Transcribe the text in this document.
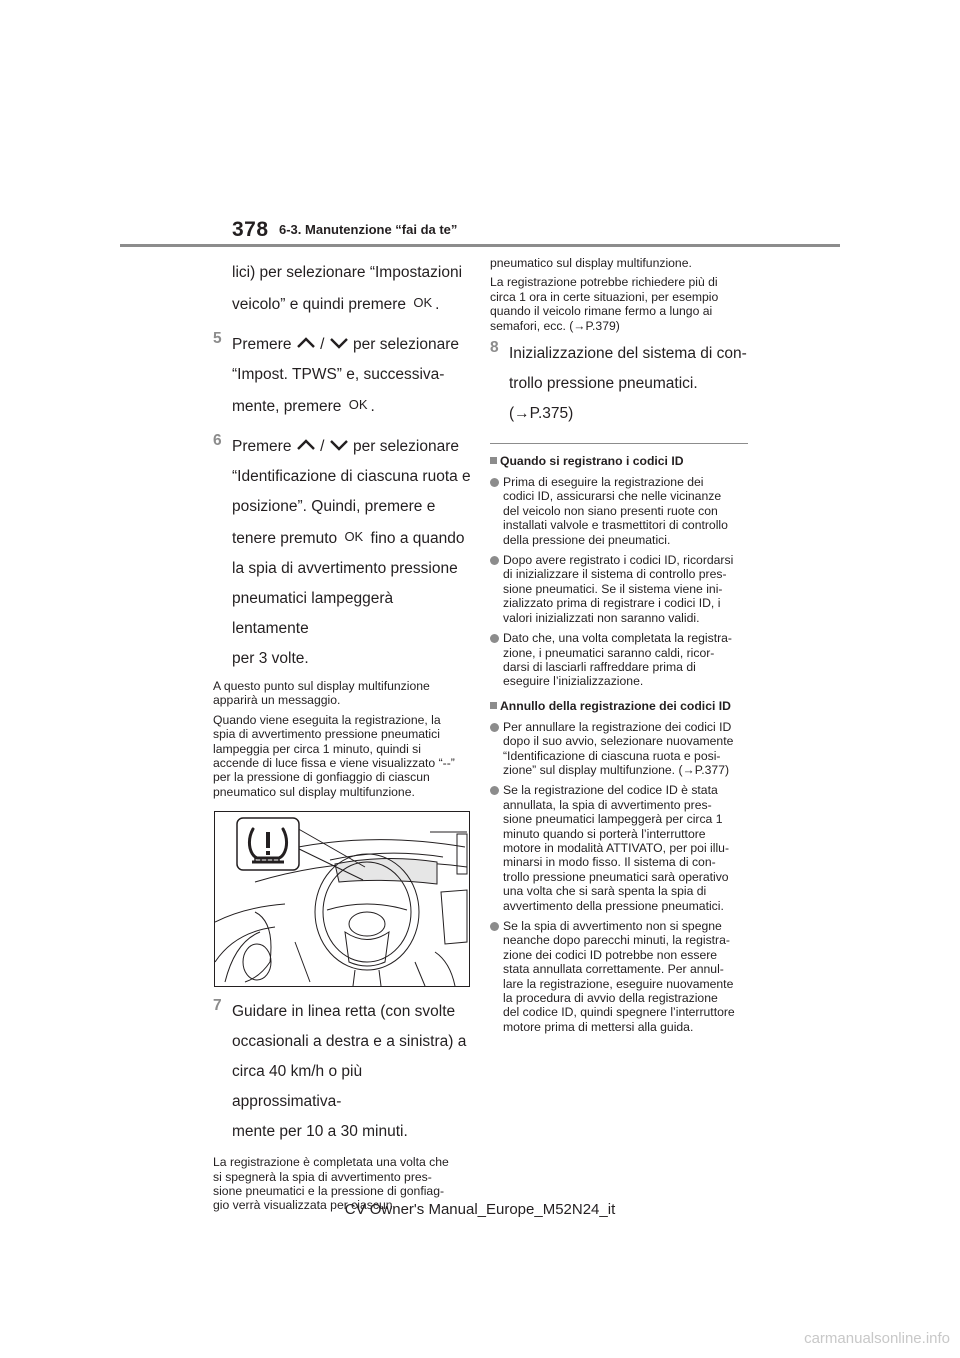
378 6-3. Manutenzione “fai da te”

lici) per selezionare “Impostazioni

veicolo” e quindi premere OK .

5 Premere / per selezionare

“Impost. TPWS” e, successiva-

mente, premere OK .

6 Premere / per selezionare

“Identificazione di ciascuna ruota e

posizione”. Quindi, premere e

tenere premuto OK fino a quando

la spia di avvertimento pressione

pneumatici lampeggerà lentamente

per 3 volte.

A questo punto sul display multifunzione
apparirà un messaggio.
Quando viene eseguita la registrazione, la
spia di avvertimento pressione pneumatici
lampeggia per circa 1 minuto, quindi si
accende di luce fissa e viene visualizzato “--”
per la pressione di gonfiaggio di ciascun
pneumatico sul display multifunzione.
7 Guidare in linea retta (con svolte

occasionali a destra e a sinistra) a

circa 40 km/h o più approssimativa-

mente per 10 a 30 minuti.

La registrazione è completata una volta che
si spegnerà la spia di avvertimento pres-
sione pneumatici e la pressione di gonfiag-
gio verrà visualizzata per ciascun
pneumatico sul display multifunzione.
La registrazione potrebbe richiedere più di
circa 1 ora in certe situazioni, per esempio
quando il veicolo rimane fermo a lungo ai
semafori, ecc. (→P.379)
8 Inizializzazione del sistema di con-

trollo pressione pneumatici.

(→P.375)

Quando si registrano i codici ID
Prima di eseguire la registrazione dei
codici ID, assicurarsi che nelle vicinanze
del veicolo non siano presenti ruote con
installati valvole e trasmettitori di controllo
della pressione dei pneumatici.
Dopo avere registrato i codici ID, ricordarsi
di inizializzare il sistema di controllo pres-
sione pneumatici. Se il sistema viene ini-
zializzato prima di registrare i codici ID, i
valori inizializzati non saranno validi.
Dato che, una volta completata la registra-
zione, i pneumatici saranno caldi, ricor-
darsi di lasciarli raffreddare prima di
eseguire l’inizializzazione.
Annullo della registrazione dei codici ID
Per annullare la registrazione dei codici ID
dopo il suo avvio, selezionare nuovamente
“Identificazione di ciascuna ruota e posi-
zione” sul display multifunzione. (→P.377)
Se la registrazione del codice ID è stata
annullata, la spia di avvertimento pres-
sione pneumatici lampeggerà per circa 1
minuto quando si porterà l’interruttore
motore in modalità ATTIVATO, per poi illu-
minarsi in modo fisso. Il sistema di con-
trollo pressione pneumatici sarà operativo
una volta che si sarà spenta la spia di
avvertimento della pressione pneumatici.
Se la spia di avvertimento non si spegne
neanche dopo parecchi minuti, la registra-
zione dei codici ID potrebbe non essere
stata annullata correttamente. Per annul-
lare la registrazione, eseguire nuovamente
la procedura di avvio della registrazione
del codice ID, quindi spegnere l’interruttore
motore prima di mettersi alla guida.
CV Owner's Manual_Europe_M52N24_it
carmanualsonline.info
